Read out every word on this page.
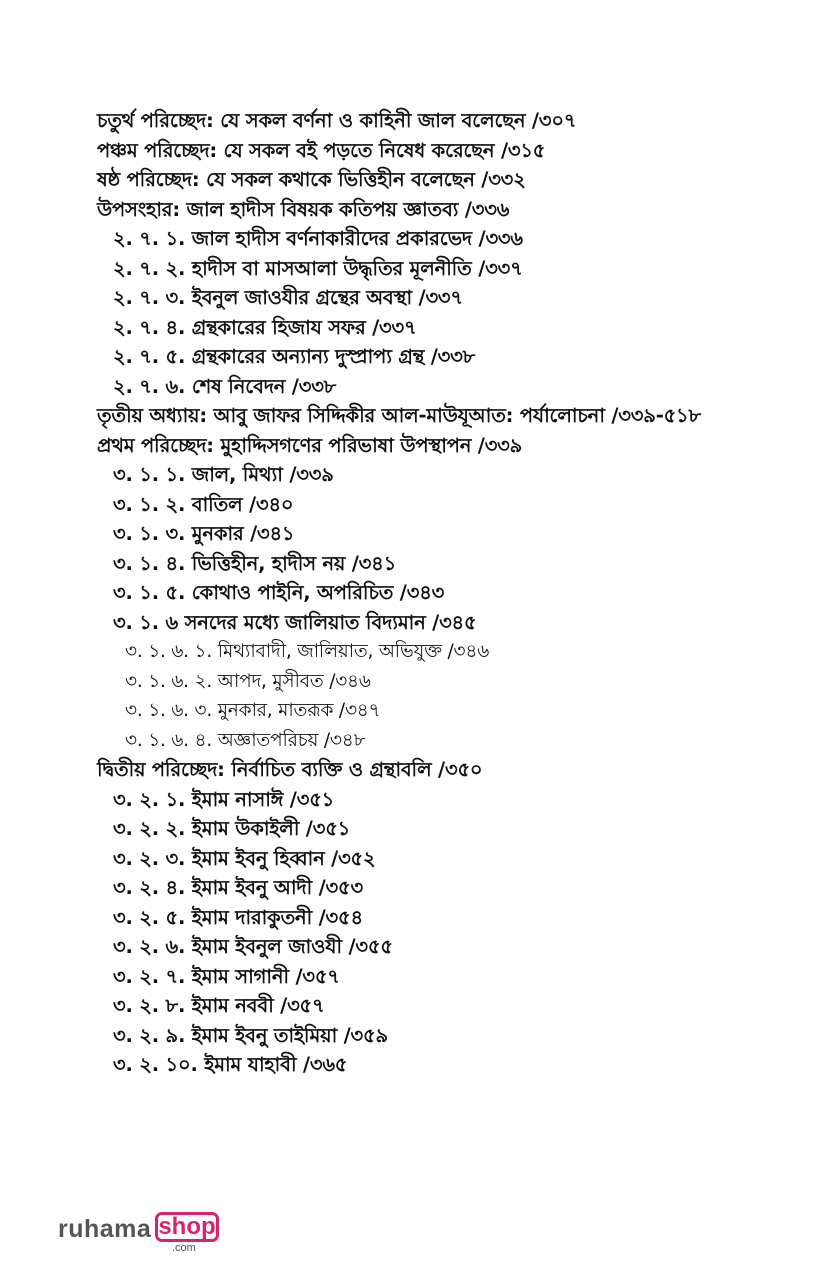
চতুর্থ পরিচ্ছেদ: যে সকল বর্ণনা ও কাহিনী জাল বলেছেন /৩০৭
পঞ্চম পরিচ্ছেদ: যে সকল বই পড়তে নিষেধ করেছেন /৩১৫
ষষ্ঠ পরিচ্ছেদ: যে সকল কথাকে ভিত্তিহীন বলেছেন /৩৩২
উপসংহার: জাল হাদীস বিষয়ক কতিপয় জ্ঞাতব্য /৩৩৬
২. ৭. ১. জাল হাদীস বর্ণনাকারীদের প্রকারভেদ /৩৩৬
২. ৭. ২. হাদীস বা মাসআলা উদ্ধৃতির মূলনীতি /৩৩৭
২. ৭. ৩. ইবনুল জাওযীর গ্রন্থের অবস্থা /৩৩৭
২. ৭. ৪. গ্রন্থকারের হিজায সফর /৩৩৭
২. ৭. ৫. গ্রন্থকারের অন্যান্য দুস্প্রাপ্য গ্রন্থ /৩৩৮
২. ৭. ৬. শেষ নিবেদন /৩৩৮
তৃতীয় অধ্যায়: আবু জাফর সিদ্দিকীর আল-মাউযূআত: পর্যালোচনা /৩৩৯-৫১৮
প্রথম পরিচ্ছেদ: মুহাদ্দিসগণের পরিভাষা উপস্থাপন /৩৩৯
৩. ১. ১. জাল, মিথ্যা /৩৩৯
৩. ১. ২. বাতিল /৩৪০
৩. ১. ৩. মুনকার /৩৪১
৩. ১. ৪. ভিত্তিহীন, হাদীস নয় /৩৪১
৩. ১. ৫. কোথাও পাইনি, অপরিচিত /৩৪৩
৩. ১. ৬ সনদের মধ্যে জালিয়াত বিদ্যমান /৩৪৫
৩. ১. ৬. ১. মিথ্যাবাদী, জালিয়াত, অভিযুক্ত /৩৪৬
৩. ১. ৬. ২. আপদ, মুসীবত /৩৪৬
৩. ১. ৬. ৩. মুনকার, মাতরূক /৩৪৭
৩. ১. ৬. ৪. অজ্ঞাতপরিচয় /৩৪৮
দ্বিতীয় পরিচ্ছেদ: নির্বাচিত ব্যক্তি ও গ্রন্থাবলি /৩৫০
৩. ২. ১. ইমাম নাসাঈ /৩৫১
৩. ২. ২. ইমাম উকাইলী /৩৫১
৩. ২. ৩. ইমাম ইবনু হিব্বান /৩৫২
৩. ২. ৪. ইমাম ইবনু আদী /৩৫৩
৩. ২. ৫. ইমাম দারাকুতনী /৩৫৪
৩. ২. ৬. ইমাম ইবনুল জাওযী /৩৫৫
৩. ২. ৭. ইমাম সাগানী /৩৫৭
৩. ২. ৮. ইমাম নববী /৩৫৭
৩. ২. ৯. ইমাম ইবনু তাইমিয়া /৩৫৯
৩. ২. ১০. ইমাম যাহাবী /৩৬৫
ruhama shop
.com
